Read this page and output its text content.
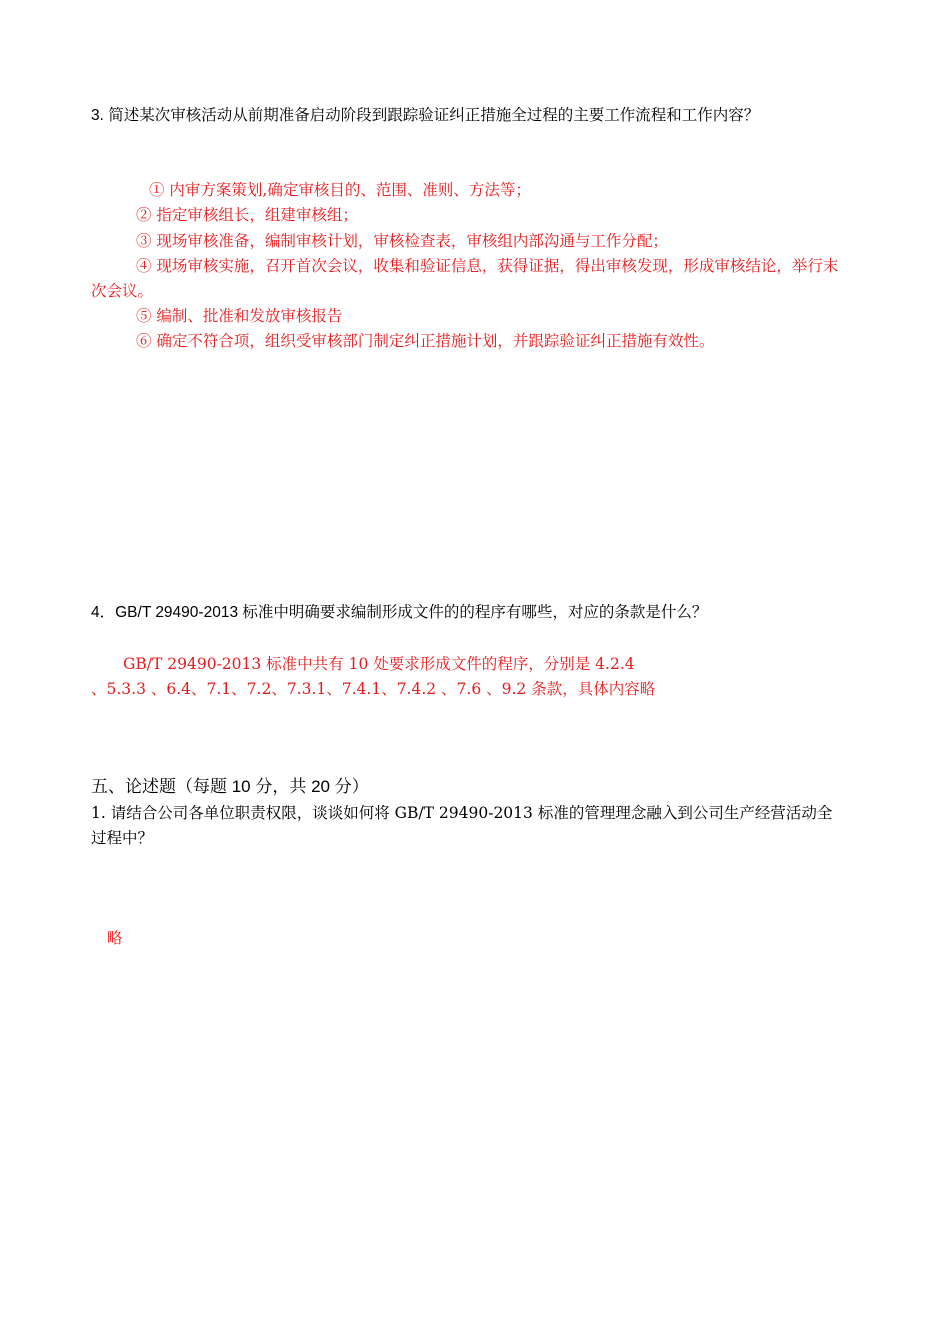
3. 简述某次审核活动从前期准备启动阶段到跟踪验证纠正措施全过程的主要工作流程和工作内容？
① 内审方案策划,确定审核目的、范围、准则、方法等；
② 指定审核组长，组建审核组；
③ 现场审核准备，编制审核计划，审核检查表，审核组内部沟通与工作分配；
④ 现场审核实施，召开首次会议，收集和验证信息，获得证据，得出审核发现，形成审核结论，举行末
次会议。
⑤ 编制、批准和发放审核报告
⑥ 确定不符合项，组织受审核部门制定纠正措施计划，并跟踪验证纠正措施有效性。
4．GB/T 29490-2013 标准中明确要求编制形成文件的的程序有哪些，对应的条款是什么？
GB/T 29490-2013 标准中共有 10 处要求形成文件的程序，分别是 4.2.4
、5.3.3 、6.4、7.1、7.2、7.3.1、7.4.1、7.4.2 、7.6 、9.2 条款，具体内容略
五、论述题（每题 10 分，共 20 分）
1. 请结合公司各单位职责权限，谈谈如何将 GB/T 29490-2013 标准的管理理念融入到公司生产经营活动全
过程中？
略
